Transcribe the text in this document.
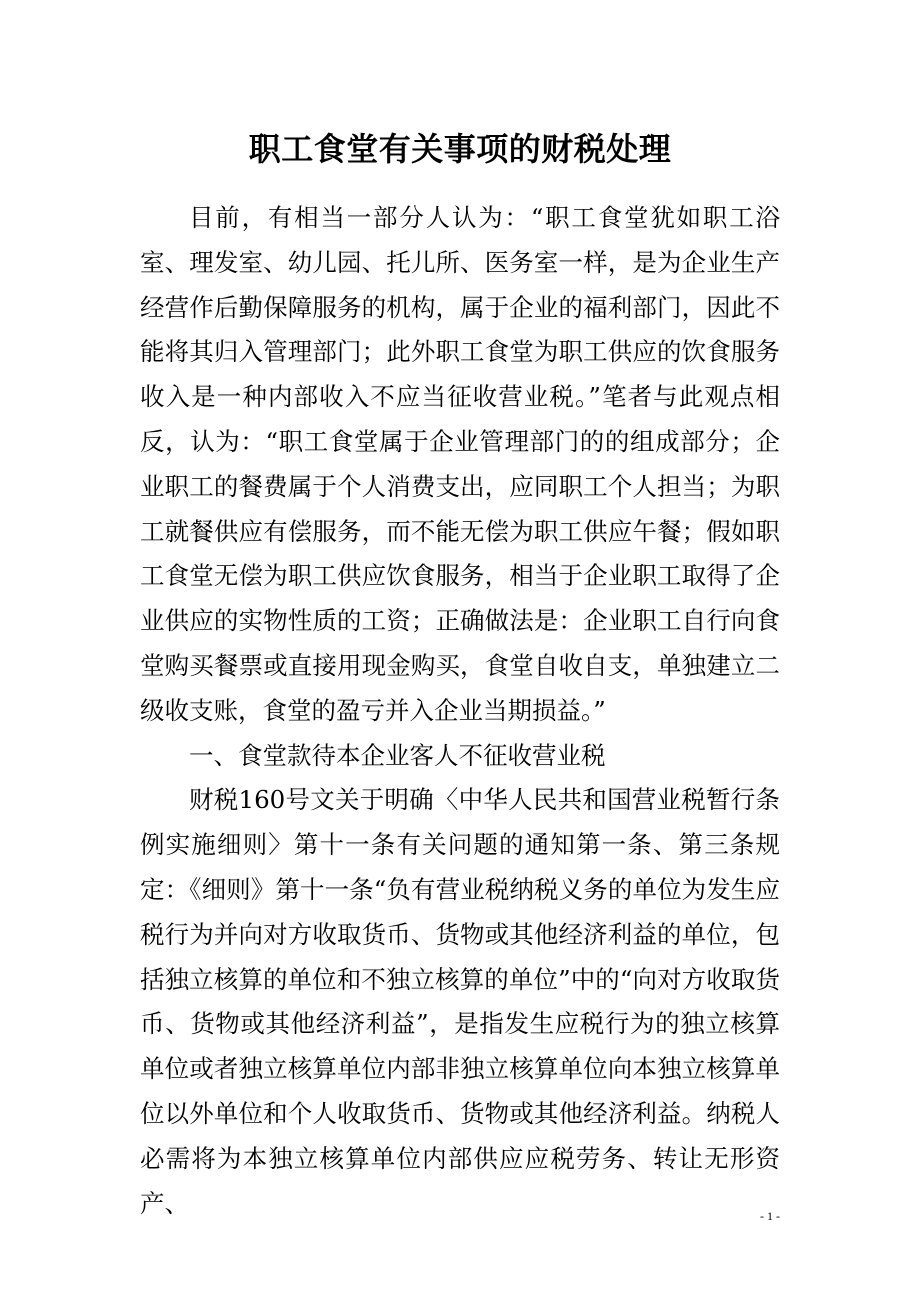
职工食堂有关事项的财税处理

目前，有相当一部分人认为：“职工食堂犹如职工浴室、理发室、幼儿园、托儿所、医务室一样，是为企业生产经营作后勤保障服务的机构，属于企业的福利部门，因此不能将其归入管理部门；此外职工食堂为职工供应的饮食服务收入是一种内部收入不应当征收营业税。”笔者与此观点相反，认为：“职工食堂属于企业管理部门的的组成部分；企业职工的餐费属于个人消费支出，应同职工个人担当；为职工就餐供应有偿服务，而不能无偿为职工供应午餐；假如职工食堂无偿为职工供应饮食服务，相当于企业职工取得了企业供应的实物性质的工资；正确做法是：企业职工自行向食堂购买餐票或直接用现金购买，食堂自收自支，单独建立二级收支账，食堂的盈亏并入企业当期损益。”

一、食堂款待本企业客人不征收营业税

财税160号文关于明确〈中华人民共和国营业税暂行条例实施细则〉第十一条有关问题的通知第一条、第三条规定：《细则》第十一条“负有营业税纳税义务的单位为发生应税行为并向对方收取货币、货物或其他经济利益的单位，包括独立核算的单位和不独立核算的单位”中的“向对方收取货币、货物或其他经济利益”，是指发生应税行为的独立核算单位或者独立核算单位内部非独立核算单位向本独立核算单位以外单位和个人收取货币、货物或其他经济利益。纳税人必需将为本独立核算单位内部供应应税劳务、转让无形资产、	- 1 -
